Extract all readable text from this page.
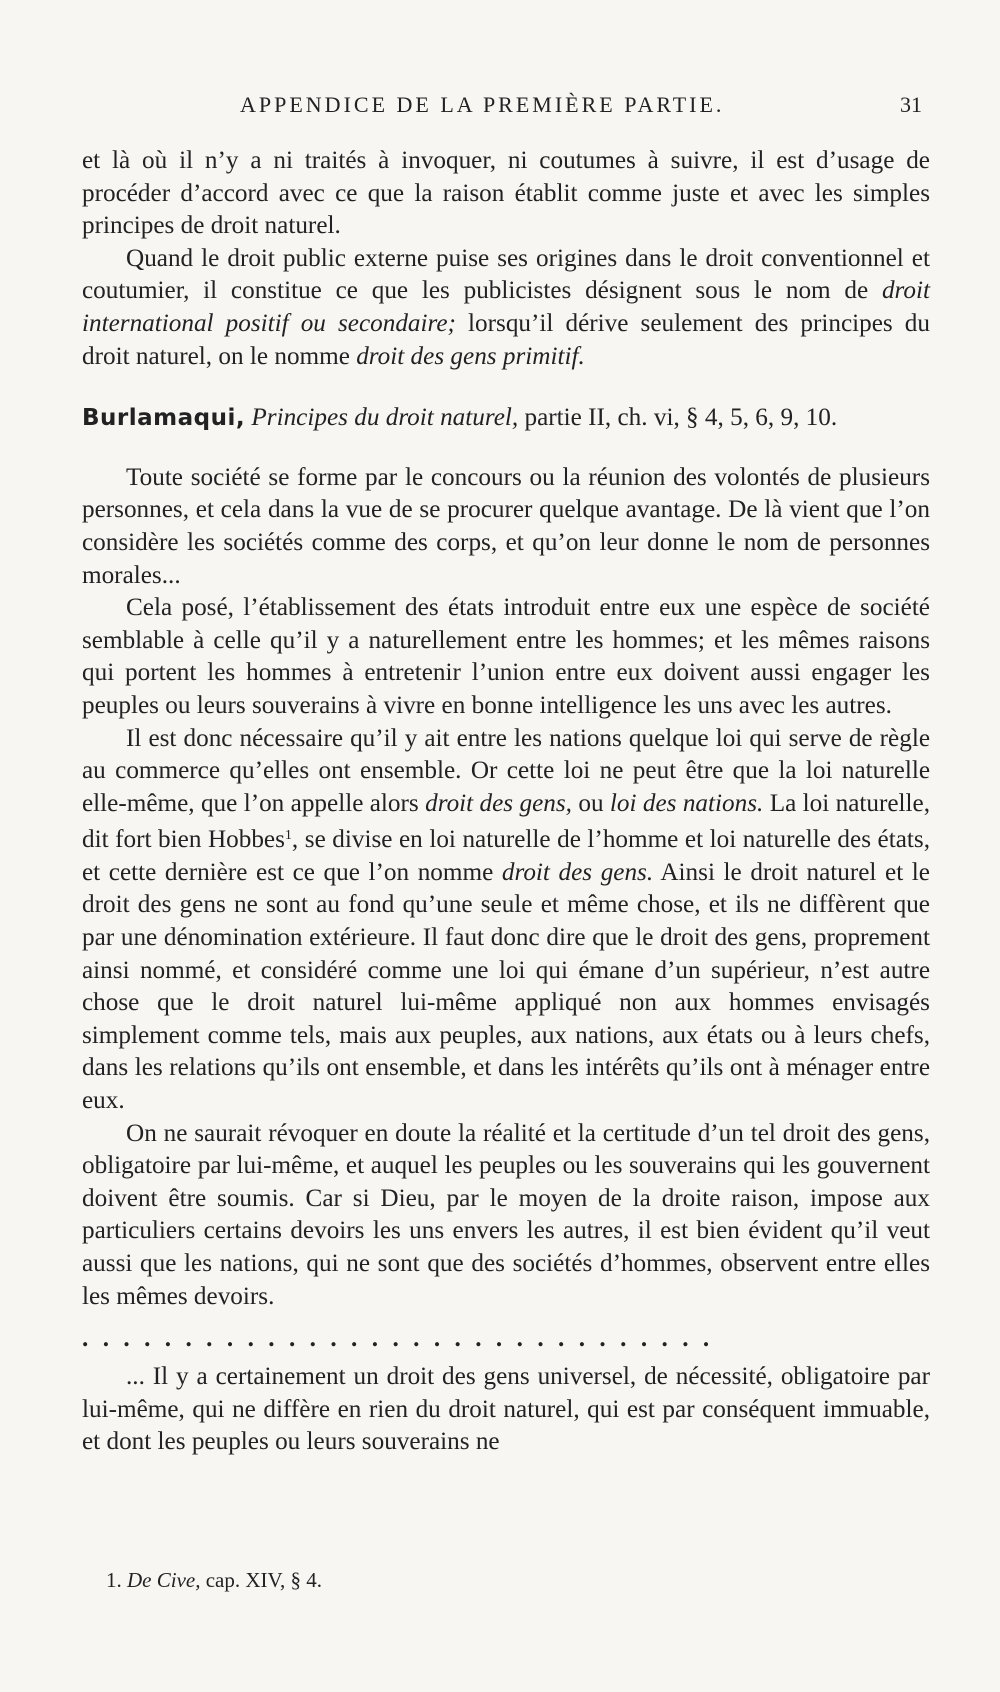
APPENDICE DE LA PREMIÈRE PARTIE.	31

et là où il n’y a ni traités à invoquer, ni coutumes à suivre, il est d’usage de procéder d’accord avec ce que la raison établit comme juste et avec les simples principes de droit naturel.

Quand le droit public externe puise ses origines dans le droit conventionnel et coutumier, il constitue ce que les publicistes désignent sous le nom de droit international positif ou secondaire; lorsqu’il dérive seulement des principes du droit naturel, on le nomme droit des gens primitif.

Burlamaqui, Principes du droit naturel, partie II, ch. vi, § 4, 5, 6, 9, 10.

Toute société se forme par le concours ou la réunion des volontés de plusieurs personnes, et cela dans la vue de se procurer quelque avantage. De là vient que l’on considère les sociétés comme des corps, et qu’on leur donne le nom de personnes morales...

Cela posé, l’établissement des états introduit entre eux une espèce de société semblable à celle qu’il y a naturellement entre les hommes; et les mêmes raisons qui portent les hommes à entretenir l’union entre eux doivent aussi engager les peuples ou leurs souverains à vivre en bonne intelligence les uns avec les autres.

Il est donc nécessaire qu’il y ait entre les nations quelque loi qui serve de règle au commerce qu’elles ont ensemble. Or cette loi ne peut être que la loi naturelle elle-même, que l’on appelle alors droit des gens, ou loi des nations. La loi naturelle, dit fort bien Hobbes$^1$, se divise en loi naturelle de l’homme et loi naturelle des états, et cette dernière est ce que l’on nomme droit des gens. Ainsi le droit naturel et le droit des gens ne sont au fond qu’une seule et même chose, et ils ne diffèrent que par une dénomination extérieure. Il faut donc dire que le droit des gens, proprement ainsi nommé, et considéré comme une loi qui émane d’un supérieur, n’est autre chose que le droit naturel lui-même appliqué non aux hommes envisagés simplement comme tels, mais aux peuples, aux nations, aux états ou à leurs chefs, dans les relations qu’ils ont ensemble, et dans les intérêts qu’ils ont à ménager entre eux.

On ne saurait révoquer en doute la réalité et la certitude d’un tel droit des gens, obligatoire par lui-même, et auquel les peuples ou les souverains qui les gouvernent doivent être soumis. Car si Dieu, par le moyen de la droite raison, impose aux particuliers certains devoirs les uns envers les autres, il est bien évident qu’il veut aussi que les nations, qui ne sont que des sociétés d’hommes, observent entre elles les mêmes devoirs.

...............................

... Il y a certainement un droit des gens universel, de nécessité, obligatoire par lui-même, qui ne diffère en rien du droit naturel, qui est par conséquent immuable, et dont les peuples ou leurs souverains ne

1. De Cive, cap. XIV, § 4.
